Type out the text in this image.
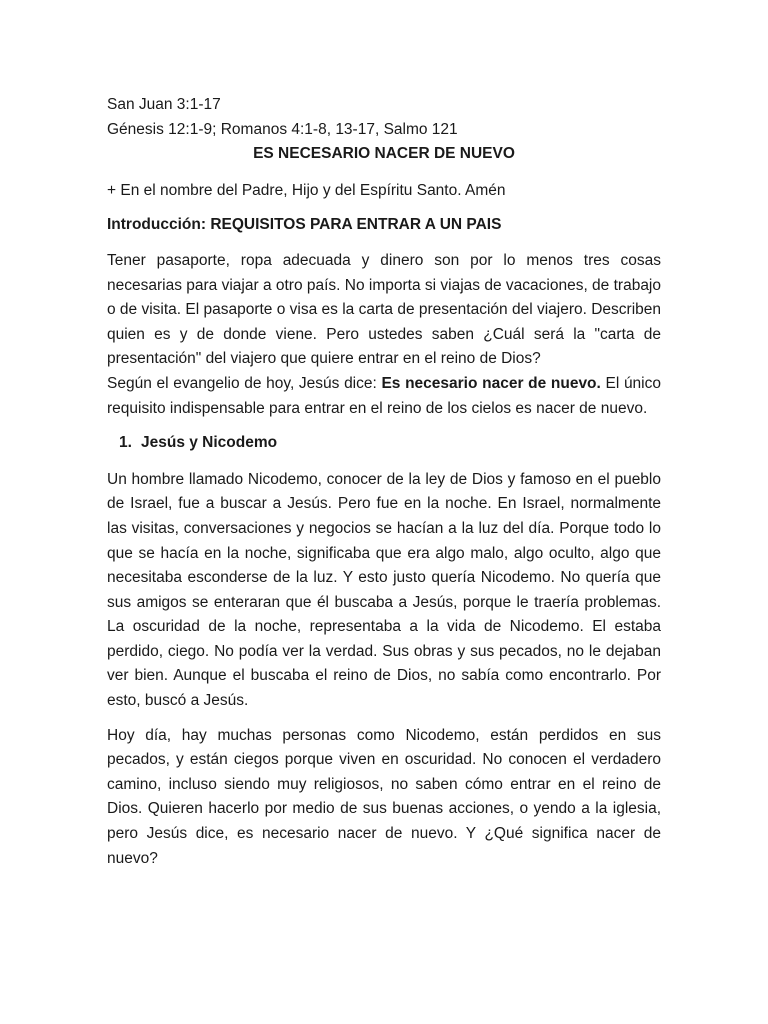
San Juan 3:1-17

Génesis 12:1-9; Romanos 4:1-8, 13-17, Salmo 121

ES NECESARIO NACER DE NUEVO

+ En el nombre del Padre, Hijo y del Espíritu Santo. Amén

Introducción: REQUISITOS PARA ENTRAR A UN PAIS

Tener pasaporte, ropa adecuada y dinero son por lo menos tres cosas necesarias para viajar a otro país. No importa si viajas de vacaciones, de trabajo o de visita. El pasaporte o visa es la carta de presentación del viajero. Describen quien es y de donde viene. Pero ustedes saben ¿Cuál será la "carta de presentación" del viajero que quiere entrar en el reino de Dios?

Según el evangelio de hoy, Jesús dice: Es necesario nacer de nuevo. El único requisito indispensable para entrar en el reino de los cielos es nacer de nuevo.

1. Jesús y Nicodemo

Un hombre llamado Nicodemo, conocer de la ley de Dios y famoso en el pueblo de Israel, fue a buscar a Jesús. Pero fue en la noche. En Israel, normalmente las visitas, conversaciones y negocios se hacían a la luz del día. Porque todo lo que se hacía en la noche, significaba que era algo malo, algo oculto, algo que necesitaba esconderse de la luz. Y esto justo quería Nicodemo. No quería que sus amigos se enteraran que él buscaba a Jesús, porque le traería problemas. La oscuridad de la noche, representaba a la vida de Nicodemo. El estaba perdido, ciego. No podía ver la verdad. Sus obras y sus pecados, no le dejaban ver bien. Aunque el buscaba el reino de Dios, no sabía como encontrarlo. Por esto, buscó a Jesús.

Hoy día, hay muchas personas como Nicodemo, están perdidos en sus pecados, y están ciegos porque viven en oscuridad. No conocen el verdadero camino, incluso siendo muy religiosos, no saben cómo entrar en el reino de Dios. Quieren hacerlo por medio de sus buenas acciones, o yendo a la iglesia, pero Jesús dice, es necesario nacer de nuevo. Y ¿Qué significa nacer de nuevo?
